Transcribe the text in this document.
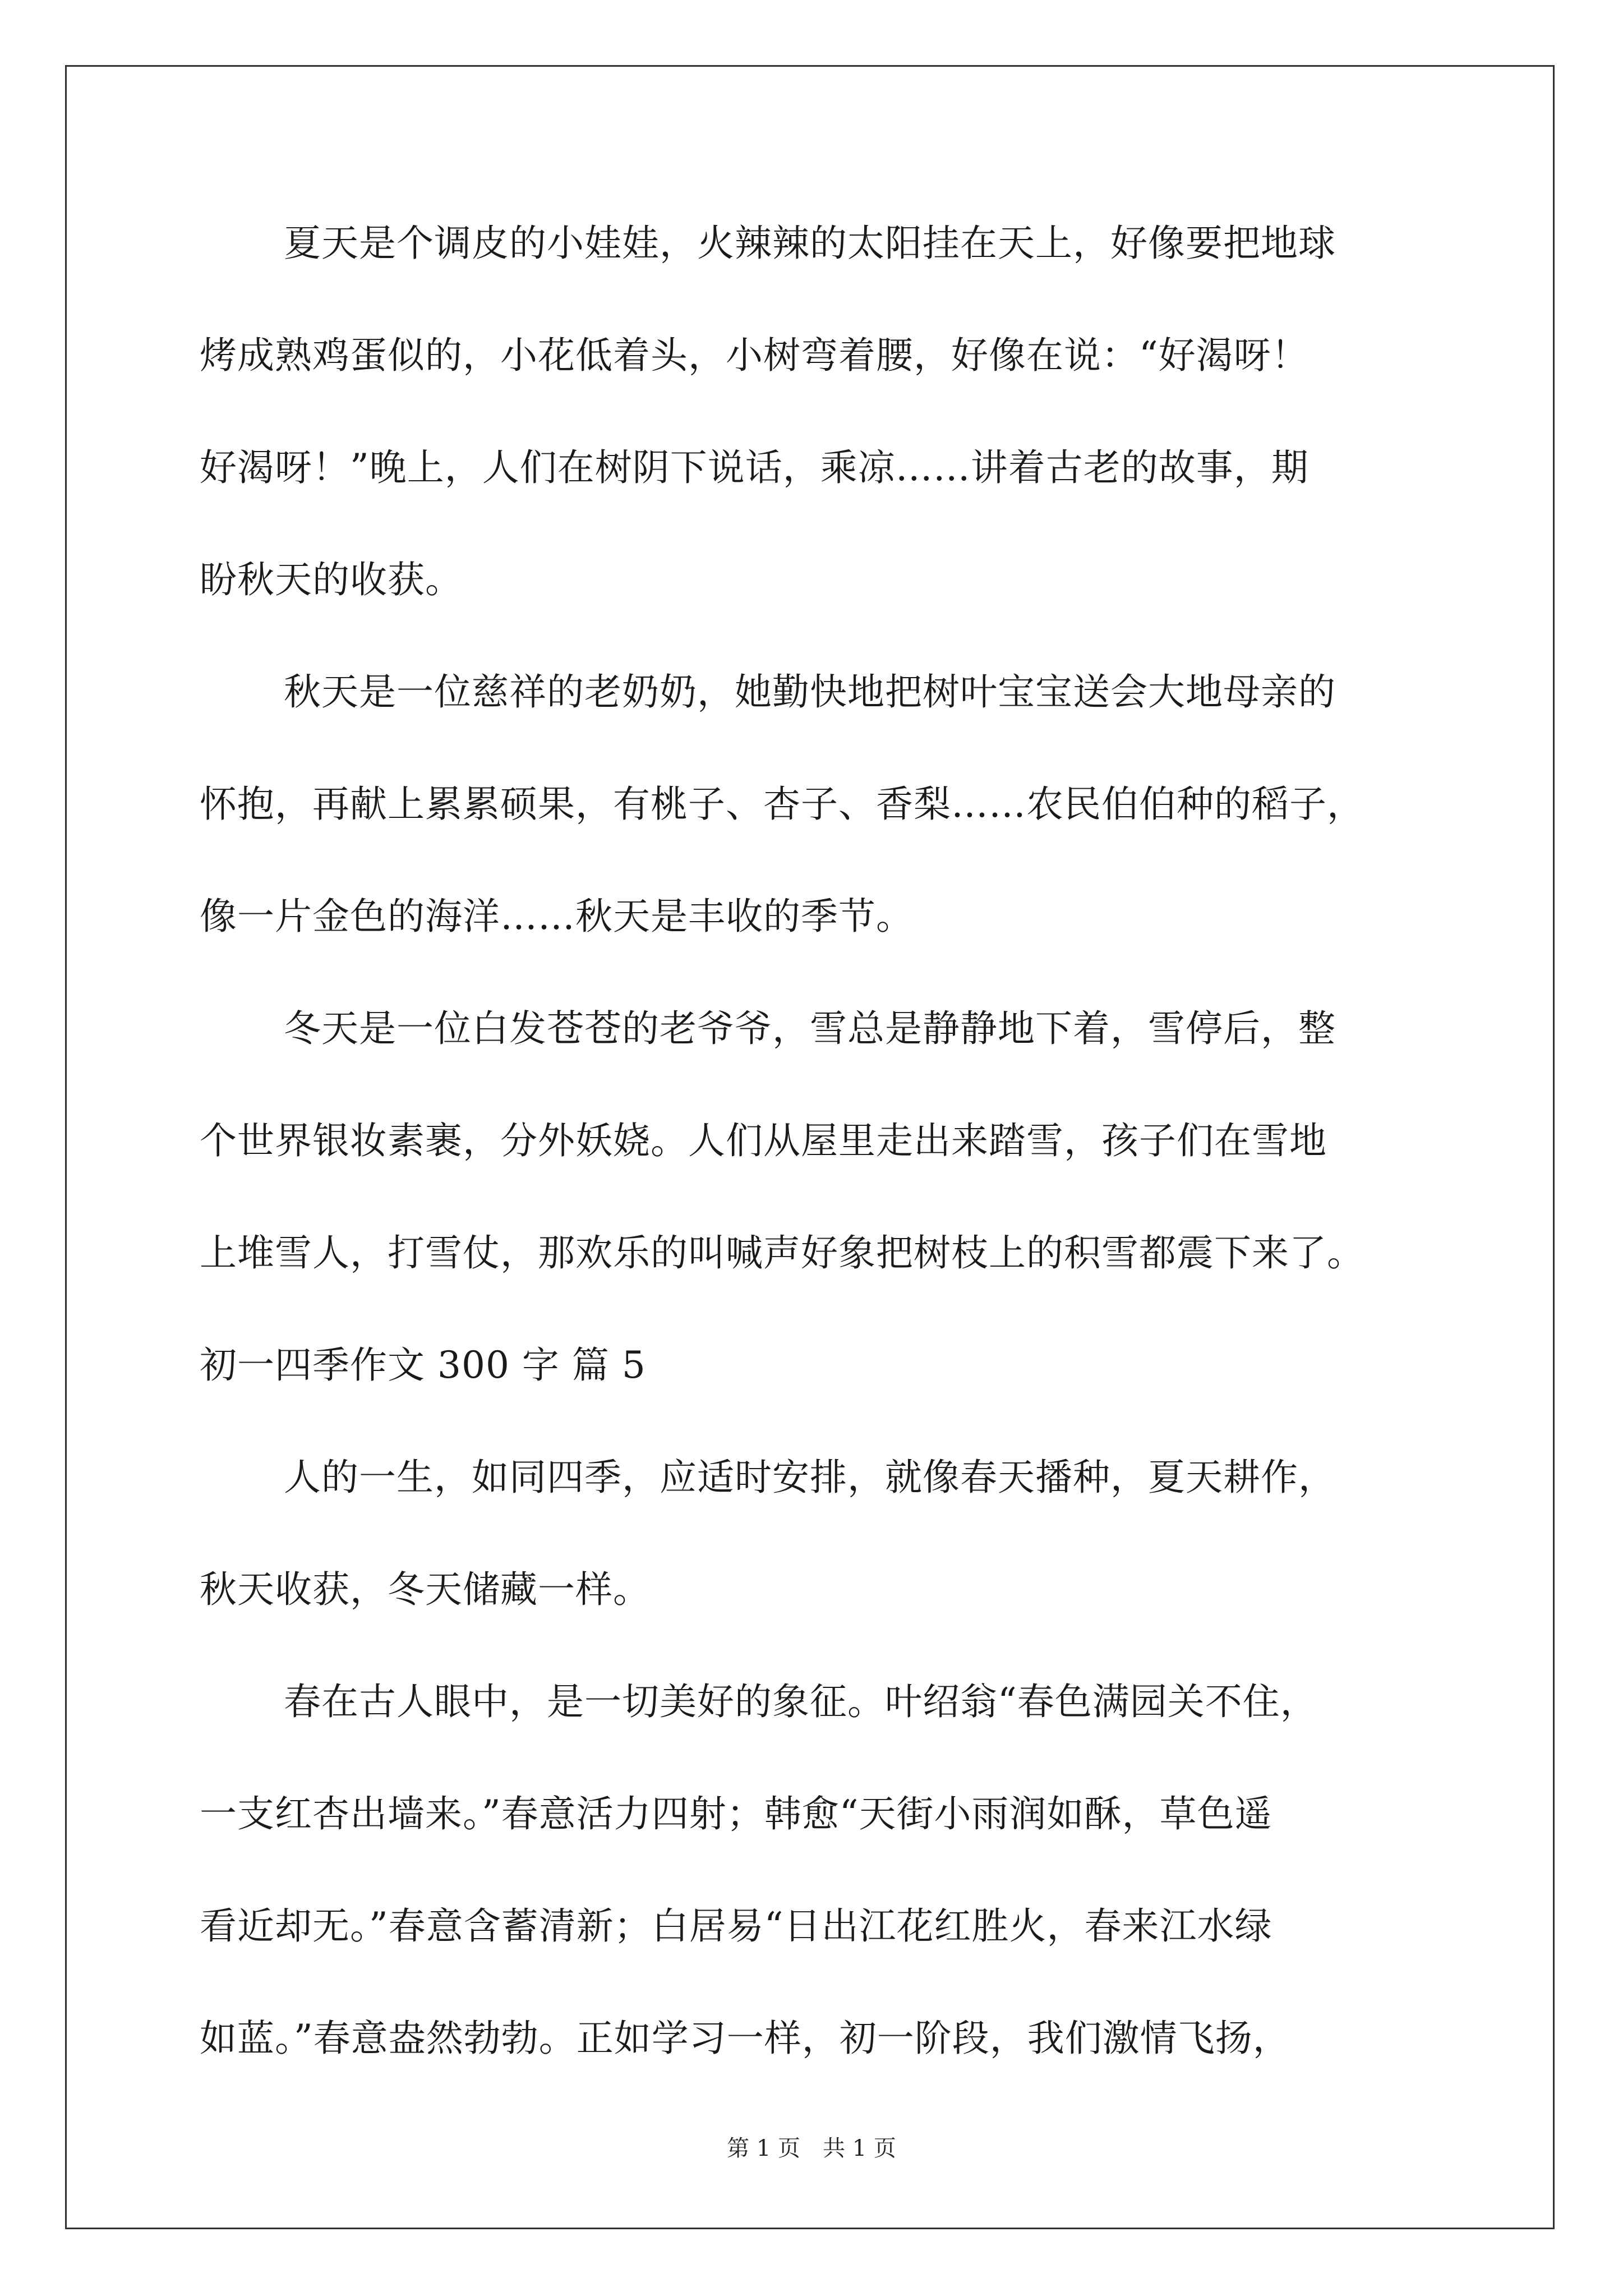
夏天是个调皮的小娃娃，火辣辣的太阳挂在天上，好像要把地球
烤成熟鸡蛋似的，小花低着头，小树弯着腰，好像在说：“好渴呀！
好渴呀！”晚上，人们在树阴下说话，乘凉……讲着古老的故事，期
盼秋天的收获。
秋天是一位慈祥的老奶奶，她勤快地把树叶宝宝送会大地母亲的
怀抱，再献上累累硕果，有桃子、杏子、香梨……农民伯伯种的稻子，
像一片金色的海洋……秋天是丰收的季节。
冬天是一位白发苍苍的老爷爷，雪总是静静地下着，雪停后，整
个世界银妆素裹，分外妖娆。人们从屋里走出来踏雪，孩子们在雪地
上堆雪人，打雪仗，那欢乐的叫喊声好象把树枝上的积雪都震下来了。
初一四季作文 300 字 篇 5
人的一生，如同四季，应适时安排，就像春天播种，夏天耕作，
秋天收获，冬天储藏一样。
春在古人眼中，是一切美好的象征。叶绍翁“春色满园关不住，
一支红杏出墙来。”春意活力四射；韩愈“天街小雨润如酥，草色遥
看近却无。”春意含蓄清新；白居易“日出江花红胜火，春来江水绿
如蓝。”春意盎然勃勃。正如学习一样，初一阶段，我们激情飞扬，
第 1 页　共 1 页
